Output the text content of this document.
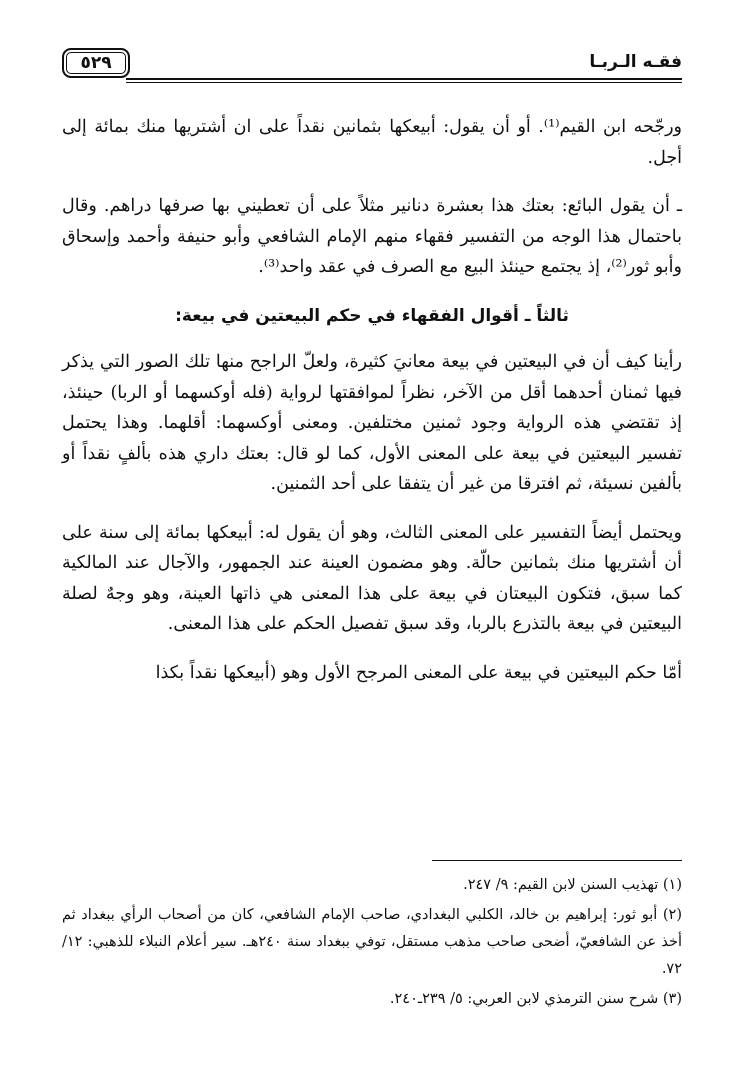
فقـه الـربـا
٥٢٩

ورجّحه ابن القيم⁽¹⁾. أو أن يقول: أبيعكها بثمانين نقداً على ان أشتريها منك بمائة إلى أجل.

ـ أن يقول البائع: بعتك هذا بعشرة دنانير مثلاً على أن تعطيني بها صرفها دراهم. وقال باحتمال هذا الوجه من التفسير فقهاء منهم الإمام الشافعي وأبو حنيفة وأحمد وإسحاق وأبو ثور⁽²⁾، إذ يجتمع حينئذ البيع مع الصرف في عقد واحد⁽³⁾.

ثالثاً ـ أقوال الفقهاء في حكم البيعتين في بيعة:

رأينا كيف أن في البيعتين في بيعة معانيَ كثيرة، ولعلّ الراجح منها تلك الصور التي يذكر فيها ثمنان أحدهما أقل من الآخر، نظراً لموافقتها لرواية (فله أوكسهما أو الربا) حينئذ، إذ تقتضي هذه الرواية وجود ثمنين مختلفين. ومعنى أوكسهما: أقلهما. وهذا يحتمل تفسير البيعتين في بيعة على المعنى الأول، كما لو قال: بعتك داري هذه بألفٍ نقداً أو بألفين نسيئة، ثم افترقا من غير أن يتفقا على أحد الثمنين.

ويحتمل أيضاً التفسير على المعنى الثالث، وهو أن يقول له: أبيعكها بمائة إلى سنة على أن أشتريها منك بثمانين حالّة. وهو مضمون العينة عند الجمهور، والآجال عند المالكية كما سبق، فتكون البيعتان في بيعة على هذا المعنى هي ذاتها العينة، وهو وجهٌ لصلة البيعتين في بيعة بالتذرع بالربا، وقد سبق تفصيل الحكم على هذا المعنى.

أمّا حكم البيعتين في بيعة على المعنى المرجح الأول وهو (أبيعكها نقداً بكذا

(١) تهذيب السنن لابن القيم: ٩/ ٢٤٧.

(٢) أبو ثور: إبراهيم بن خالد، الكلبي البغدادي، صاحب الإمام الشافعي، كان من أصحاب الرأي ببغداد ثم أخذ عن الشافعيّ، أضحى صاحب مذهب مستقل، توفي ببغداد سنة ٢٤٠هـ. سير أعلام النبلاء للذهبي: ١٢/ ٧٢.

(٣) شرح سنن الترمذي لابن العربي: ٥/ ٢٣٩ـ٢٤٠.
